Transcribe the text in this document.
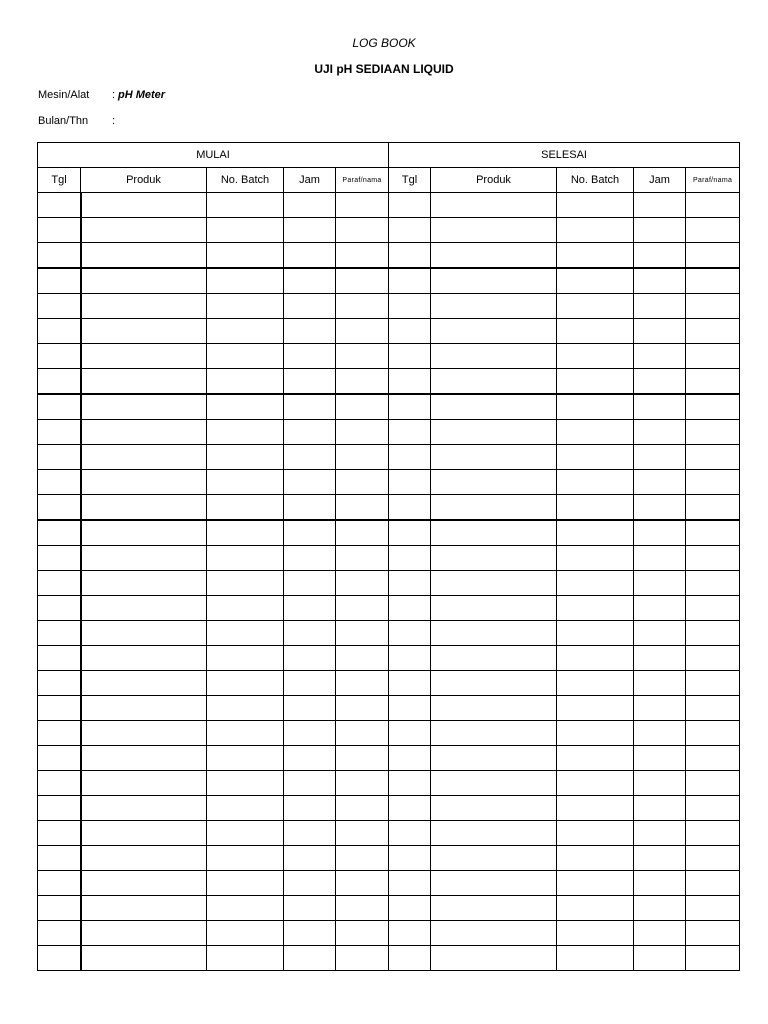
LOG BOOK
UJI pH SEDIAAN LIQUID
Mesin/Alat : pH Meter
Bulan/Thn :
MULAI					SELESAI				
Tgl	Produk	No. Batch	Jam	Paraf/nama	Tgl	Produk	No. Batch	Jam	Paraf/nama
